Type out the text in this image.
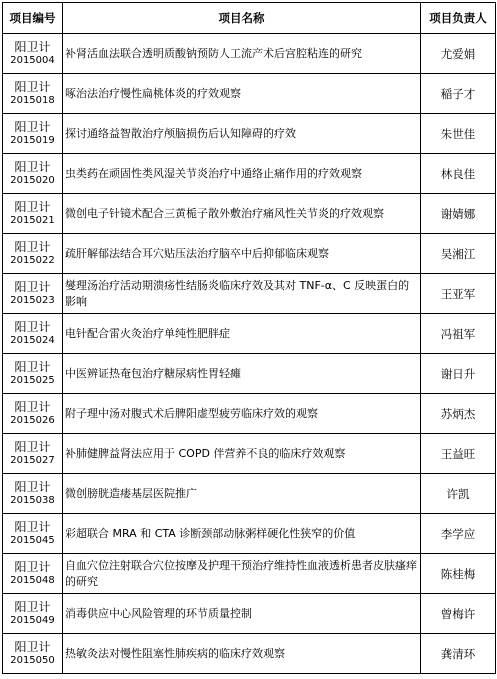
项目编号	项目名称	项目负责人

阳卫计
2015004	补肾活血法联合透明质酸钠预防人工流产术后宫腔粘连的研究	尤爱娟

阳卫计
2015018	啄治法治疗慢性扁桃体炎的疗效观察	稲子才

阳卫计
2015019	探讨通络益智散治疗颅脑损伤后认知障碍的疗效	朱世佳

阳卫计
2015020	虫类药在顽固性类风湿关节炎治疗中通络止痛作用的疗效观察	林良佳

阳卫计
2015021	微创电子针镜术配合三黄栀子散外敷治疗痛风性关节炎的疗效观察	谢婧娜

阳卫计
2015022	疏肝解郁法结合耳穴贴压法治疗脑卒中后抑郁临床观察	吴湘江

阳卫计
2015023	燮理汤治疗活动期溃疡性结肠炎临床疗效及其对 TNF-α、C 反映蛋白的影响	王亚军

阳卫计
2015024	电针配合雷火灸治疗单纯性肥胖症	冯祖军

阳卫计
2015025	中医辨证热奄包治疗糖尿病性胃轻瘫	谢日升

阳卫计
2015026	附子理中汤对腹式术后脾阳虚型疲劳临床疗效的观察	苏炳杰

阳卫计
2015027	补肺健脾益肾法应用于 COPD 伴营养不良的临床疗效观察	王益旺

阳卫计
2015038	微创膀胱造瘘基层医院推广	许凯

阳卫计
2015045	彩超联合 MRA 和 CTA 诊断颈部动脉粥样硬化性狭窄的价值	李学应

阳卫计
2015048	自血穴位注射联合穴位按摩及护理干预治疗维持性血液透析患者皮肤瘙痒的研究	陈桂梅

阳卫计
2015049	消毒供应中心风险管理的环节质量控制	曾梅许

阳卫计
2015050	热敏灸法对慢性阻塞性肺疾病的临床疗效观察	龚清环
